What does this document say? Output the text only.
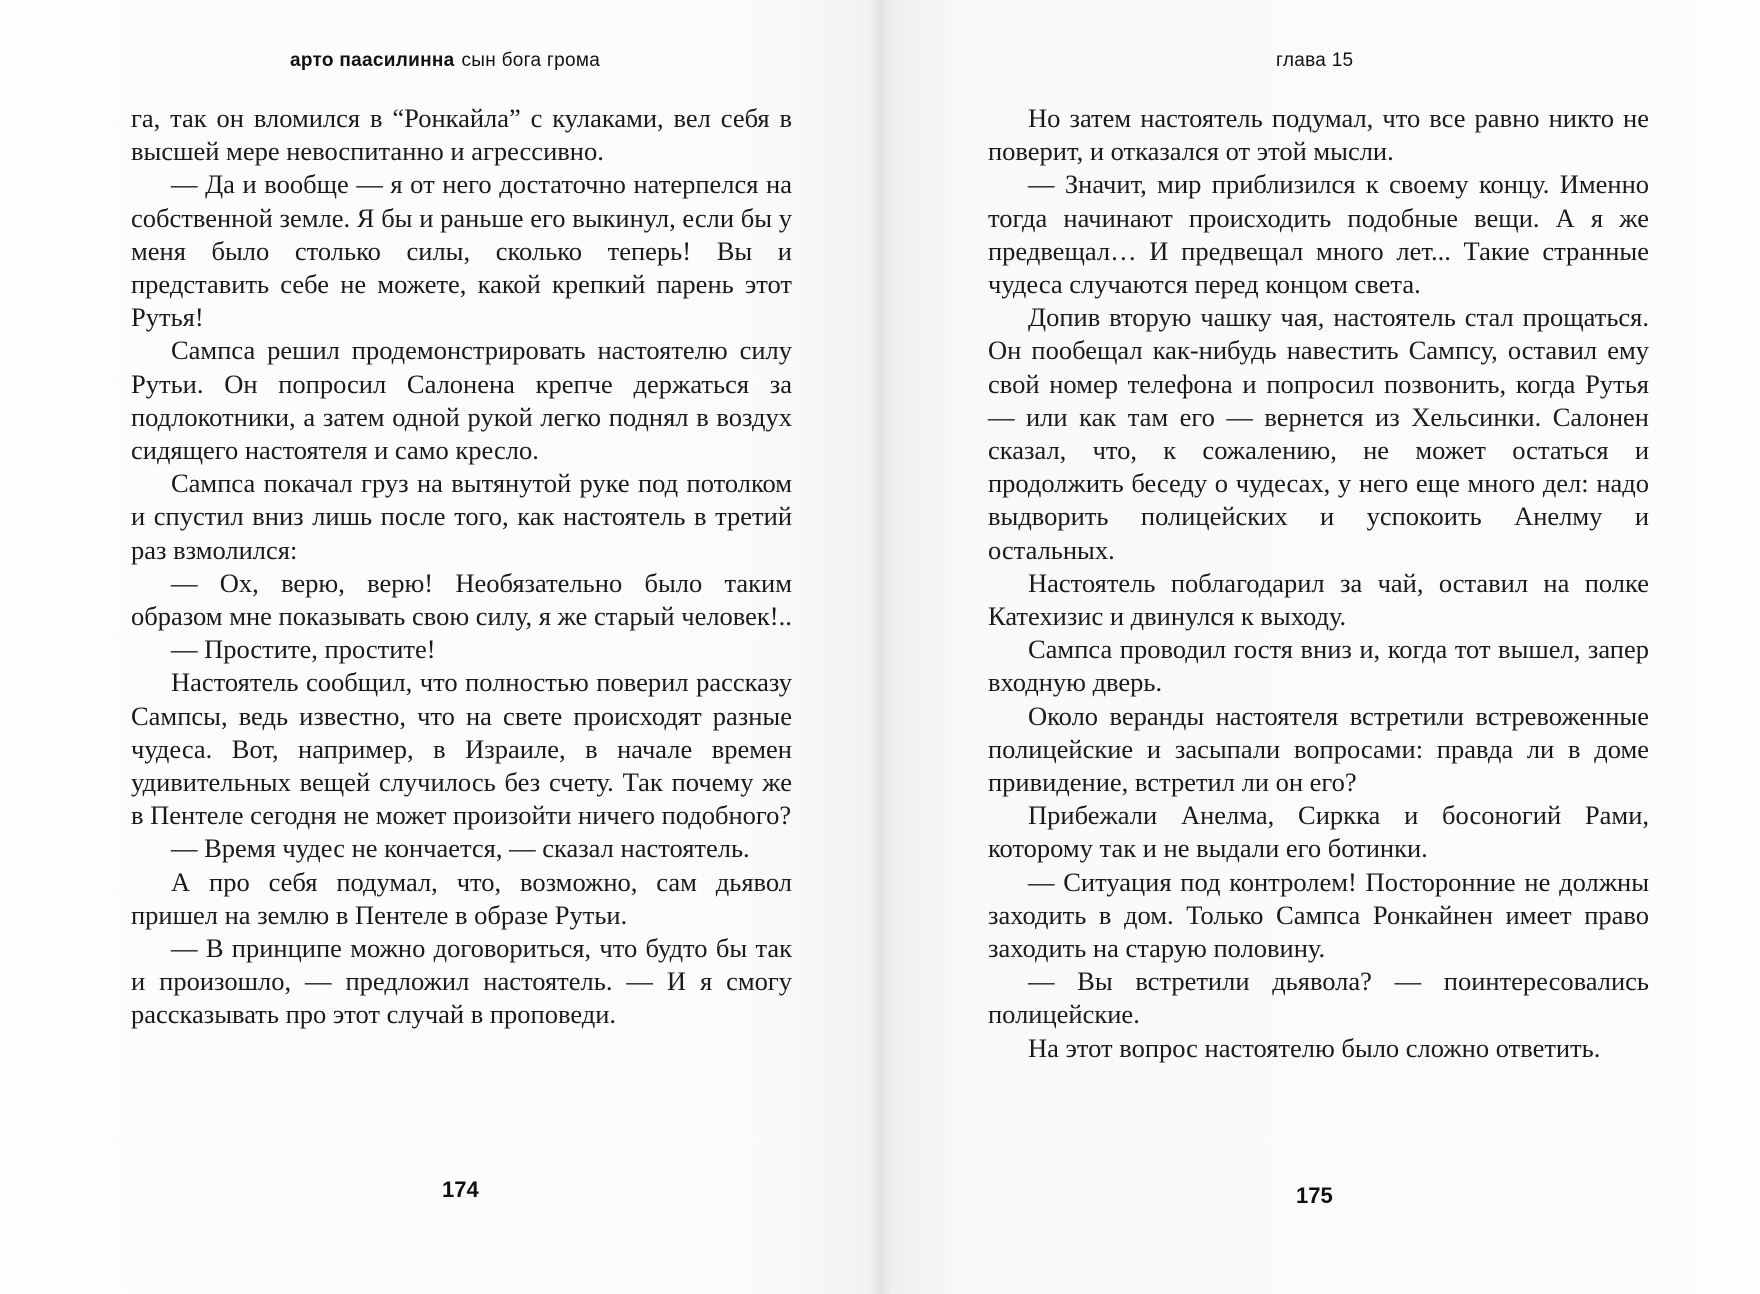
арто паасилинна сын бога грома

га, так он вломился в “Ронкайла” с кулаками, вел себя в высшей мере невоспитанно и агрессивно.

— Да и вообще — я от него достаточно натерпелся на собственной земле. Я бы и раньше его выкинул, если бы у меня было столько силы, сколько теперь! Вы и представить себе не можете, какой крепкий парень этот Рутья!

Сампса решил продемонстрировать настоятелю силу Рутьи. Он попросил Салонена крепче держаться за подлокотники, а затем одной рукой легко поднял в воздух сидящего настоятеля и само кресло.

Сампса покачал груз на вытянутой руке под потолком и спустил вниз лишь после того, как настоятель в третий раз взмолился:

— Ох, верю, верю! Необязательно было таким образом мне показывать свою силу, я же старый человек!..

— Простите, простите!

Настоятель сообщил, что полностью поверил рассказу Сампсы, ведь известно, что на свете происходят разные чудеса. Вот, например, в Израиле, в начале времен удивительных вещей случилось без счету. Так почему же в Пентеле сегодня не может произойти ничего подобного?

— Время чудес не кончается, — сказал настоятель.

А про себя подумал, что, возможно, сам дьявол пришел на землю в Пентеле в образе Рутьи.

— В принципе можно договориться, что будто бы так и произошло, — предложил настоятель. — И я смогу рассказывать про этот случай в проповеди.

174
глава 15

Но затем настоятель подумал, что все равно никто не поверит, и отказался от этой мысли.

— Значит, мир приблизился к своему концу. Именно тогда начинают происходить подобные вещи. А я же предвещал… И предвещал много лет... Такие странные чудеса случаются перед концом света.

Допив вторую чашку чая, настоятель стал прощаться. Он пообещал как-нибудь навестить Сампсу, оставил ему свой номер телефона и попросил позвонить, когда Рутья — или как там его — вернется из Хельсинки. Салонен сказал, что, к сожалению, не может остаться и продолжить беседу о чудесах, у него еще много дел: надо выдворить полицейских и успокоить Анелму и остальных.

Настоятель поблагодарил за чай, оставил на полке Катехизис и двинулся к выходу.

Сампса проводил гостя вниз и, когда тот вышел, запер входную дверь.

Около веранды настоятеля встретили встревоженные полицейские и засыпали вопросами: правда ли в доме привидение, встретил ли он его?

Прибежали Анелма, Сиркка и босоногий Рами, которому так и не выдали его ботинки.

— Ситуация под контролем! Посторонние не должны заходить в дом. Только Сампса Ронкайнен имеет право заходить на старую половину.

— Вы встретили дьявола? — поинтересовались полицейские.

На этот вопрос настоятелю было сложно ответить.

175
